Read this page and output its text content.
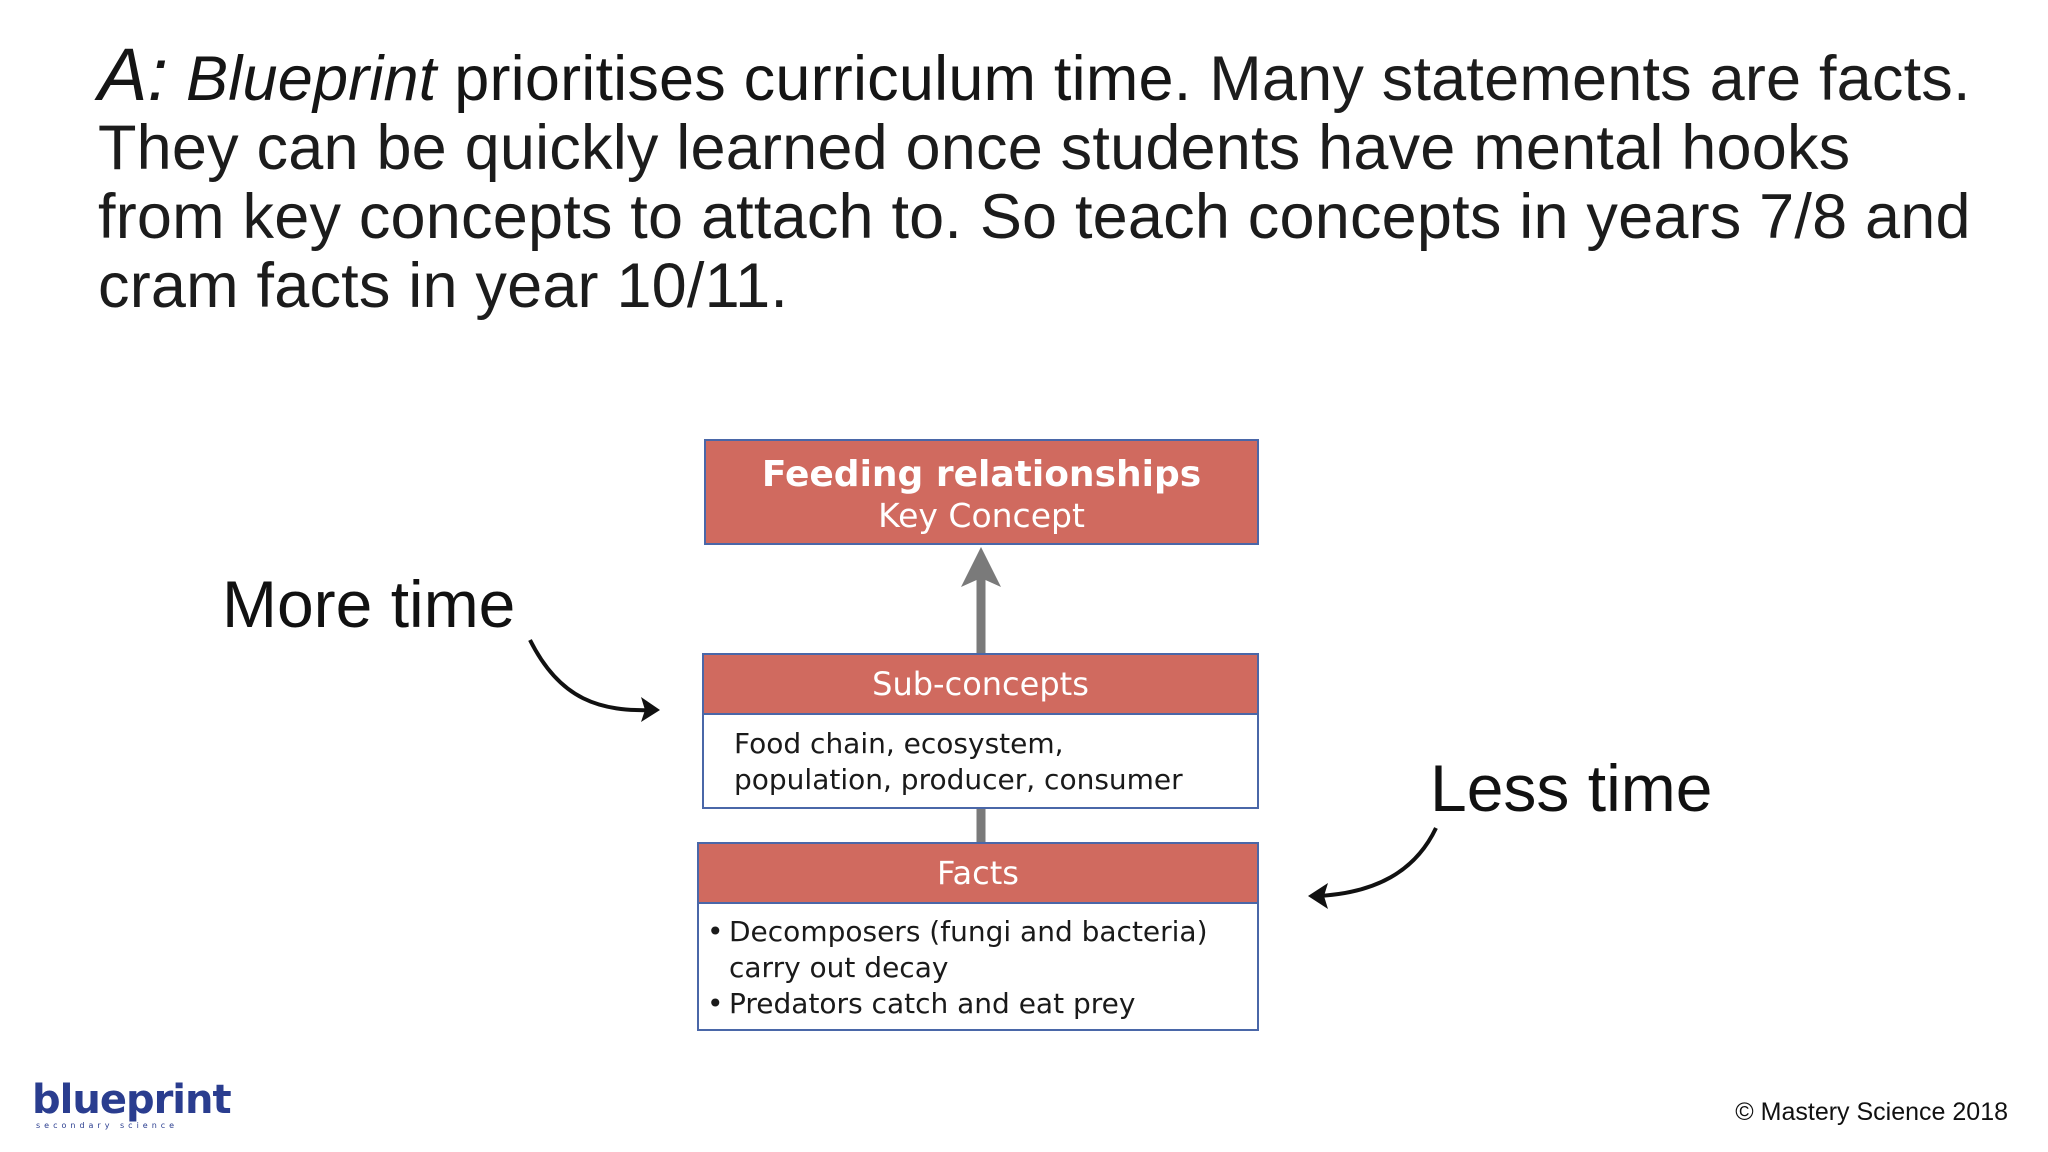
A: Blueprint prioritises curriculum time. Many statements are facts. They can be quickly learned once students have mental hooks from key concepts to attach to. So teach concepts in years 7/8 and cram facts in year 10/11.
Feeding relationships
Key Concept
Sub-concepts
Food chain, ecosystem,
population, producer, consumer
Facts
• Decomposers (fungi and bacteria) carry out decay
• Predators catch and eat prey
More time
Less time
blueprint
secondary science	© Mastery Science 2018
